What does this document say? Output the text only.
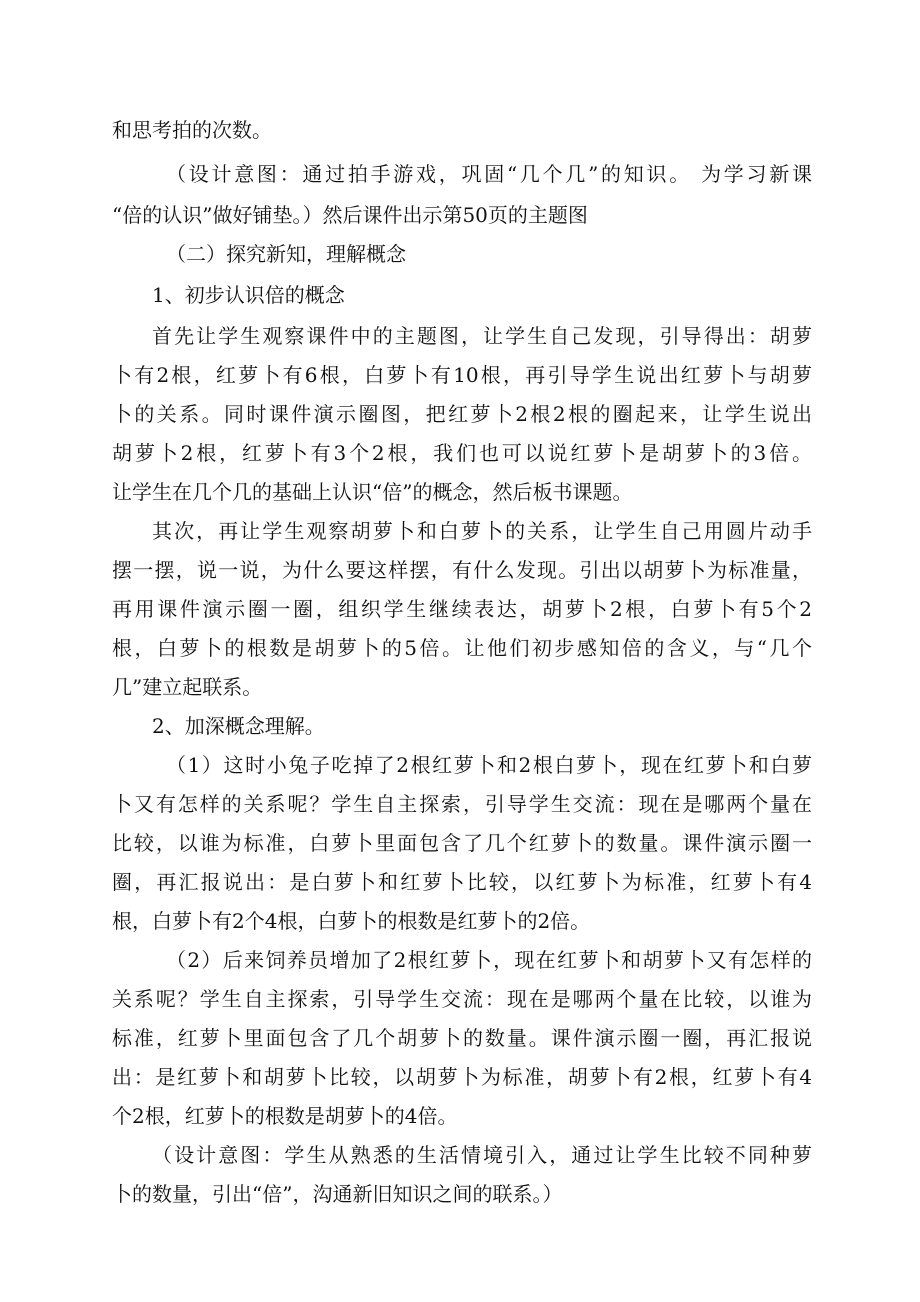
和思考拍的次数。
（设计意图：通过拍手游戏，巩固“几个几”的知识。 为学习新课
“倍的认识”做好铺垫。）然后课件出示第50页的主题图
（二）探究新知，理解概念
1、初步认识倍的概念
首先让学生观察课件中的主题图，让学生自己发现，引导得出：胡萝
卜有2根，红萝卜有6根，白萝卜有10根，再引导学生说出红萝卜与胡萝
卜的关系。同时课件演示圈图，把红萝卜2根2根的圈起来，让学生说出
胡萝卜2根，红萝卜有3个2根，我们也可以说红萝卜是胡萝卜的3倍。
让学生在几个几的基础上认识“倍”的概念，然后板书课题。
其次，再让学生观察胡萝卜和白萝卜的关系，让学生自己用圆片动手
摆一摆，说一说，为什么要这样摆，有什么发现。引出以胡萝卜为标准量，
再用课件演示圈一圈，组织学生继续表达，胡萝卜2根，白萝卜有5个2
根，白萝卜的根数是胡萝卜的5倍。让他们初步感知倍的含义，与“几个
几”建立起联系。
2、加深概念理解。
（1）这时小兔子吃掉了2根红萝卜和2根白萝卜，现在红萝卜和白萝
卜又有怎样的关系呢？学生自主探索，引导学生交流：现在是哪两个量在
比较，以谁为标准，白萝卜里面包含了几个红萝卜的数量。课件演示圈一
圈，再汇报说出：是白萝卜和红萝卜比较，以红萝卜为标准，红萝卜有4
根，白萝卜有2个4根，白萝卜的根数是红萝卜的2倍。
（2）后来饲养员增加了2根红萝卜，现在红萝卜和胡萝卜又有怎样的
关系呢？学生自主探索，引导学生交流：现在是哪两个量在比较，以谁为
标准，红萝卜里面包含了几个胡萝卜的数量。课件演示圈一圈，再汇报说
出：是红萝卜和胡萝卜比较，以胡萝卜为标准，胡萝卜有2根，红萝卜有4
个2根，红萝卜的根数是胡萝卜的4倍。
（设计意图：学生从熟悉的生活情境引入，通过让学生比较不同种萝
卜的数量，引出“倍”，沟通新旧知识之间的联系。）
